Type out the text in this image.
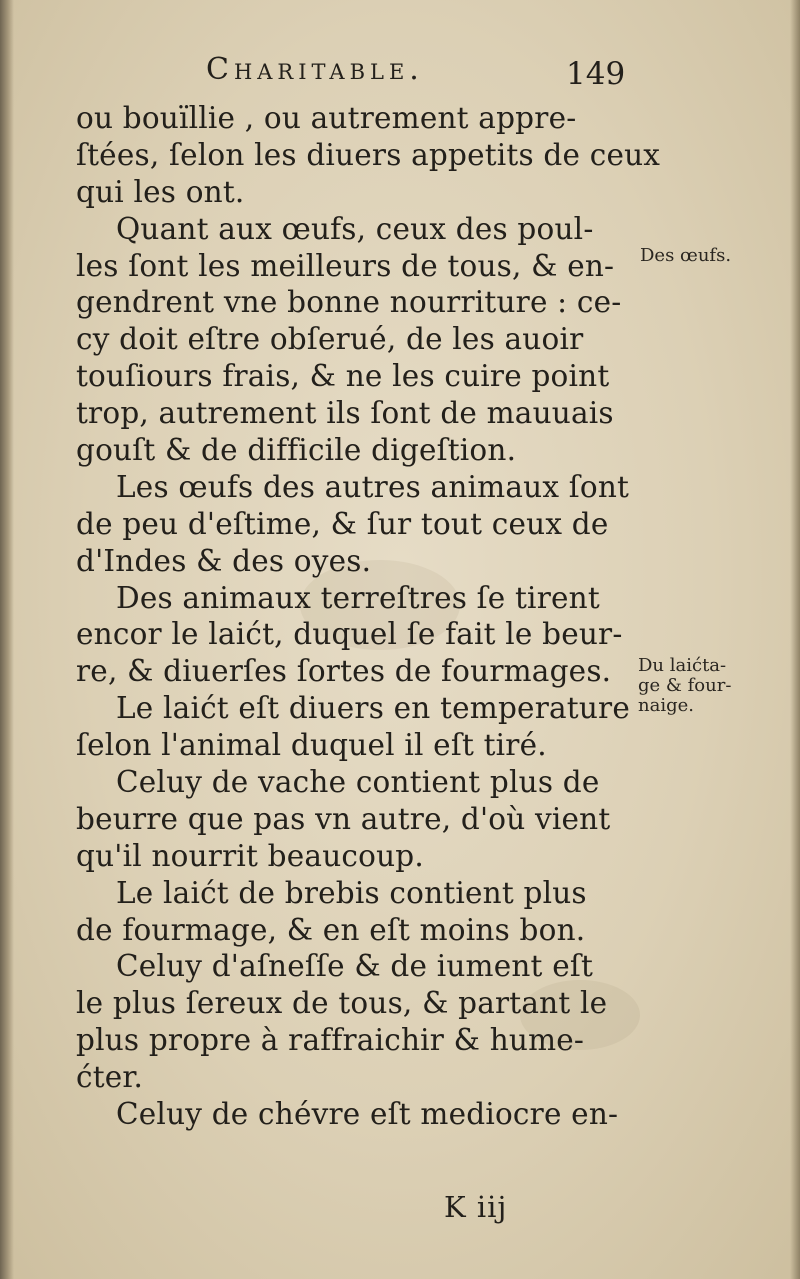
Charitable.	149
ou bouïllie , ou autrement appre-
ſtées, ſelon les diuers appetits de ceux
qui les ont.
Quant aux œufs, ceux des poul-
les ſont les meilleurs de tous, & en-
gendrent vne bonne nourriture : ce-
cy doit eſtre obſerué, de les auoir
touſiours frais, & ne les cuire point
trop, autrement ils ſont de mauuais
gouſt & de difficile digeſtion.
Les œufs des autres animaux ſont
de peu d'eſtime, & ſur tout ceux de
d'Indes & des oyes.
Des animaux terreſtres ſe tirent
encor le laićt, duquel ſe fait le beur-
re, & diuerſes ſortes de fourmages.
Le laićt eſt diuers en temperature
ſelon l'animal duquel il eſt tiré.
Celuy de vache contient plus de
beurre que pas vn autre, d'où vient
qu'il nourrit beaucoup.
Le laićt de brebis contient plus
de fourmage, & en eſt moins bon.
Celuy d'aſneſſe & de iument eſt
le plus ſereux de tous, & partant le
plus propre à raffraichir & hume-
ćter.
Celuy de chévre eſt mediocre en-
Des œufs.
Du laićta-
ge & four-
naige.
K iij
